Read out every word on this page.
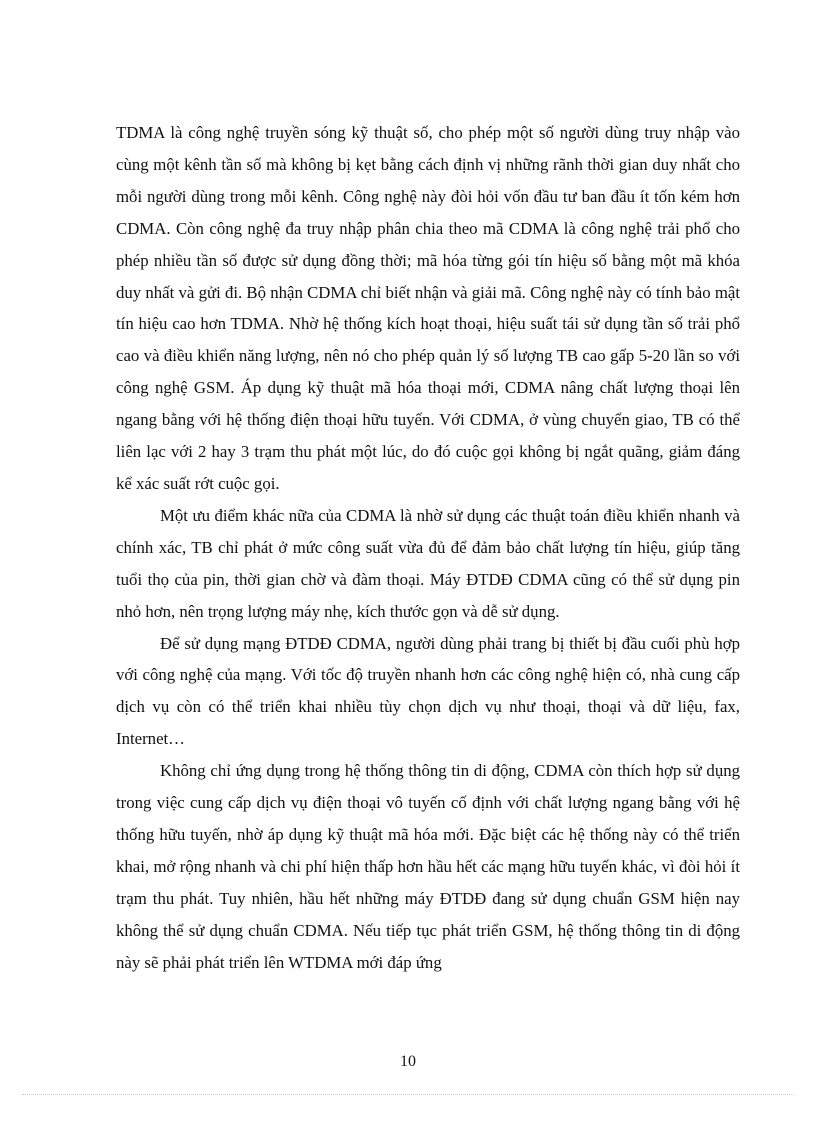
TDMA là công nghệ truyền sóng kỹ thuật số, cho phép một số người dùng truy nhập vào cùng một kênh tần số mà không bị kẹt bằng cách định vị những rãnh thời gian duy nhất cho mỗi người dùng trong mỗi kênh. Công nghệ này đòi hỏi vốn đầu tư ban đầu ít tốn kém hơn CDMA. Còn công nghệ đa truy nhập phân chia theo mã CDMA là công nghệ trải phổ cho phép nhiều tần số được sử dụng đồng thời; mã hóa từng gói tín hiệu số bằng một mã khóa duy nhất và gửi đi. Bộ nhận CDMA chỉ biết nhận và giải mã. Công nghệ này có tính bảo mật tín hiệu cao hơn TDMA. Nhờ hệ thống kích hoạt thoại, hiệu suất tái sử dụng tần số trải phổ cao và điều khiển năng lượng, nên nó cho phép quản lý số lượng TB cao gấp 5-20 lần so với công nghệ GSM. Áp dụng kỹ thuật mã hóa thoại mới, CDMA nâng chất lượng thoại lên ngang bằng với hệ thống điện thoại hữu tuyến. Với CDMA, ở vùng chuyển giao, TB có thể liên lạc với 2 hay 3 trạm thu phát một lúc, do đó cuộc gọi không bị ngắt quãng, giảm đáng kể xác suất rớt cuộc gọi.

Một ưu điểm khác nữa của CDMA là nhờ sử dụng các thuật toán điều khiển nhanh và chính xác, TB chỉ phát ở mức công suất vừa đủ để đảm bảo chất lượng tín hiệu, giúp tăng tuổi thọ của pin, thời gian chờ và đàm thoại. Máy ĐTDĐ CDMA cũng có thể sử dụng pin nhỏ hơn, nên trọng lượng máy nhẹ, kích thước gọn và dễ sử dụng.

Để sử dụng mạng ĐTDĐ CDMA, người dùng phải trang bị thiết bị đầu cuối phù hợp với công nghệ của mạng. Với tốc độ truyền nhanh hơn các công nghệ hiện có, nhà cung cấp dịch vụ còn có thể triển khai nhiều tùy chọn dịch vụ như thoại, thoại và dữ liệu, fax, Internet…

Không chỉ ứng dụng trong hệ thống thông tin di động, CDMA còn thích hợp sử dụng trong việc cung cấp dịch vụ điện thoại vô tuyến cố định với chất lượng ngang bằng với hệ thống hữu tuyến, nhờ áp dụng kỹ thuật mã hóa mới. Đặc biệt các hệ thống này có thể triển khai, mở rộng nhanh và chi phí hiện thấp hơn hầu hết các mạng hữu tuyến khác, vì đòi hỏi ít trạm thu phát. Tuy nhiên, hầu hết những máy ĐTDĐ đang sử dụng chuẩn GSM hiện nay không thể sử dụng chuẩn CDMA. Nếu tiếp tục phát triển GSM, hệ thống thông tin di động này sẽ phải phát triển lên WTDMA mới đáp ứng

10
